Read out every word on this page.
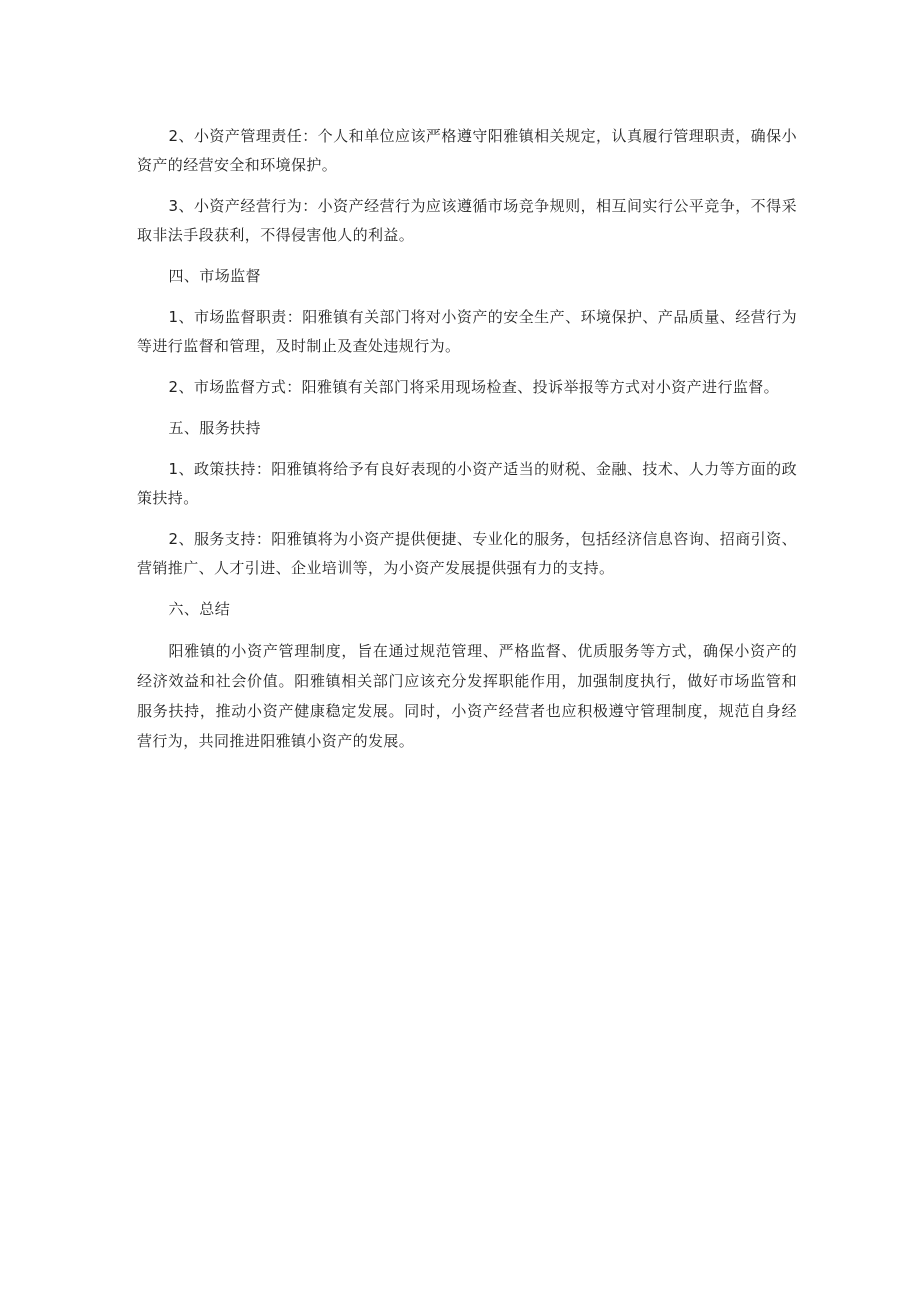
2、小资产管理责任：个人和单位应该严格遵守阳雅镇相关规定，认真履行管理职责，确保小资产的经营安全和环境保护。

3、小资产经营行为：小资产经营行为应该遵循市场竞争规则，相互间实行公平竞争，不得采取非法手段获利，不得侵害他人的利益。

四、市场监督

1、市场监督职责：阳雅镇有关部门将对小资产的安全生产、环境保护、产品质量、经营行为等进行监督和管理，及时制止及查处违规行为。

2、市场监督方式：阳雅镇有关部门将采用现场检查、投诉举报等方式对小资产进行监督。

五、服务扶持

1、政策扶持：阳雅镇将给予有良好表现的小资产适当的财税、金融、技术、人力等方面的政策扶持。

2、服务支持：阳雅镇将为小资产提供便捷、专业化的服务，包括经济信息咨询、招商引资、营销推广、人才引进、企业培训等，为小资产发展提供强有力的支持。

六、总结

阳雅镇的小资产管理制度，旨在通过规范管理、严格监督、优质服务等方式，确保小资产的经济效益和社会价值。阳雅镇相关部门应该充分发挥职能作用，加强制度执行，做好市场监管和服务扶持，推动小资产健康稳定发展。同时，小资产经营者也应积极遵守管理制度，规范自身经营行为，共同推进阳雅镇小资产的发展。
